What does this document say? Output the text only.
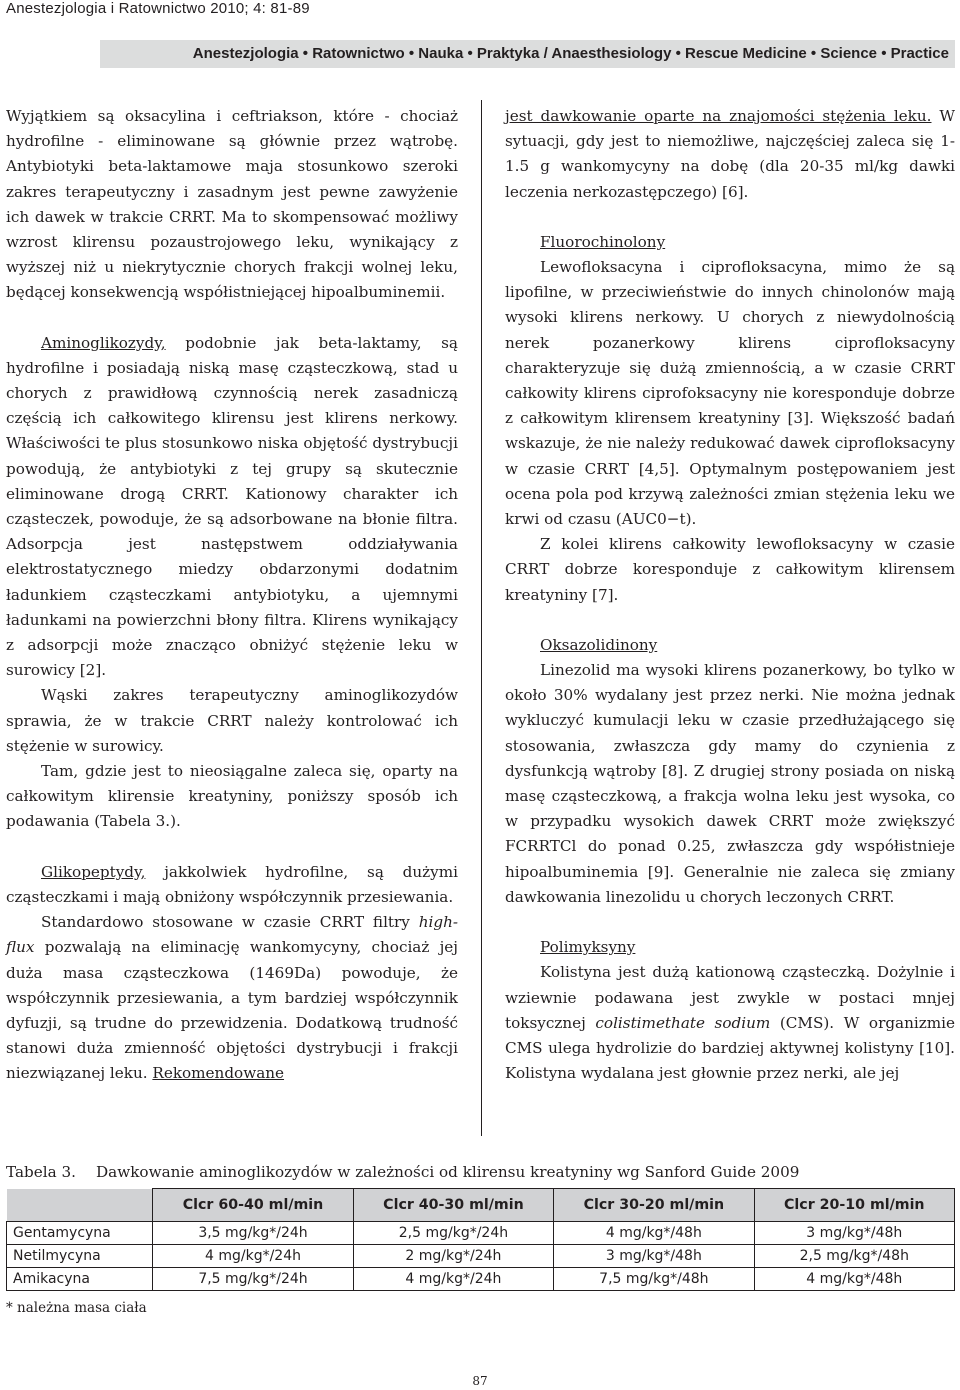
Anestezjologia i Ratownictwo 2010; 4: 81-89
Anestezjologia • Ratownictwo • Nauka • Praktyka / Anaesthesiology • Rescue Medicine • Science • Practice

Wyjątkiem są oksacylina i ceftriakson, które - chociaż hydrofilne - eliminowane są głównie przez wątrobę. Antybiotyki beta-laktamowe maja stosunkowo szeroki zakres terapeutyczny i zasadnym jest pewne zawyżenie ich dawek w trakcie CRRT. Ma to skompensować możliwy wzrost klirensu pozaustrojowego leku, wynikający z wyższej niż u niekrytycznie chorych frakcji wolnej leku, będącej konsekwencją współistniejącej hipoalbuminemii.

Aminoglikozydy, podobnie jak beta-laktamy, są hydrofilne i posiadają niską masę cząsteczkową, stad u chorych z prawidłową czynnością nerek zasadniczą częścią ich całkowitego klirensu jest klirens nerkowy. Właściwości te plus stosunkowo niska objętość dystrybucji powodują, że antybiotyki z tej grupy są skutecznie eliminowane drogą CRRT. Kationowy charakter ich cząsteczek, powoduje, że są adsorbowane na błonie filtra. Adsorpcja jest następstwem oddziaływania elektrostatycznego miedzy obdarzonymi dodatnim ładunkiem cząsteczkami antybiotyku, a ujemnymi ładunkami na powierzchni błony filtra. Klirens wynikający z adsorpcji może znacząco obniżyć stężenie leku w surowicy [2].

Wąski zakres terapeutyczny aminoglikozydów sprawia, że w trakcie CRRT należy kontrolować ich stężenie w surowicy.

Tam, gdzie jest to nieosiągalne zaleca się, oparty na całkowitym klirensie kreatyniny, poniższy sposób ich podawania (Tabela 3.).

Glikopeptydy, jakkolwiek hydrofilne, są dużymi cząsteczkami i mają obniżony współczynnik przesiewania.

Standardowo stosowane w czasie CRRT filtry high-flux pozwalają na eliminację wankomycyny, chociaż jej duża masa cząsteczkowa (1469Da) powoduje, że współczynnik przesiewania, a tym bardziej współczynnik dyfuzji, są trudne do przewidzenia. Dodatkową trudność stanowi duża zmienność objętości dystrybucji i frakcji niezwiązanej leku. Rekomendowane

jest dawkowanie oparte na znajomości stężenia leku. W sytuacji, gdy jest to niemożliwe, najczęściej zaleca się 1-1.5 g wankomycyny na dobę (dla 20-35 ml/kg dawki leczenia nerkozastępczego) [6].

Fluorochinolony

Lewofloksacyna i ciprofloksacyna, mimo że są lipofilne, w przeciwieństwie do innych chinolonów mają wysoki klirens nerkowy. U chorych z niewydolnością nerek pozanerkowy klirens ciprofloksacyny charakteryzuje się dużą zmiennością, a w czasie CRRT całkowity klirens ciprofoksacyny nie koresponduje dobrze z całkowitym klirensem kreatyniny [3]. Większość badań wskazuje, że nie należy redukować dawek ciprofloksacyny w czasie CRRT [4,5]. Optymalnym postępowaniem jest ocena pola pod krzywą zależności zmian stężenia leku we krwi od czasu (AUC0−t).

Z kolei klirens całkowity lewofloksacyny w czasie CRRT dobrze koresponduje z całkowitym klirensem kreatyniny [7].

Oksazolidinony

Linezolid ma wysoki klirens pozanerkowy, bo tylko w około 30% wydalany jest przez nerki. Nie można jednak wykluczyć kumulacji leku w czasie przedłużającego się stosowania, zwłaszcza gdy mamy do czynienia z dysfunkcją wątroby [8]. Z drugiej strony posiada on niską masę cząsteczkową, a frakcja wolna leku jest wysoka, co w przypadku wysokich dawek CRRT może zwiększyć FCRRTCl do ponad 0.25, zwłaszcza gdy współistnieje hipoalbuminemia [9]. Generalnie nie zaleca się zmiany dawkowania linezolidu u chorych leczonych CRRT.

Polimyksyny

Kolistyna jest dużą kationową cząsteczką. Dożylnie i wziewnie podawana jest zwykle w postaci mnjej toksycznej colistimethate sodium (CMS). W organizmie CMS ulega hydrolizie do bardziej aktywnej kolistyny [10]. Kolistyna wydalana jest głownie przez nerki, ale jej

Tabela 3. Dawkowanie aminoglikozydów w zależności od klirensu kreatyniny wg Sanford Guide 2009
	Clcr 60-40 ml/min	Clcr 40-30 ml/min	Clcr 30-20 ml/min	Clcr 20-10 ml/min
Gentamycyna	3,5 mg/kg*/24h	2,5 mg/kg*/24h	4 mg/kg*/48h	3 mg/kg*/48h
Netilmycyna	4 mg/kg*/24h	2 mg/kg*/24h	3 mg/kg*/48h	2,5 mg/kg*/48h
Amikacyna	7,5 mg/kg*/24h	4 mg/kg*/24h	7,5 mg/kg*/48h	4 mg/kg*/48h
* należna masa ciała
87
